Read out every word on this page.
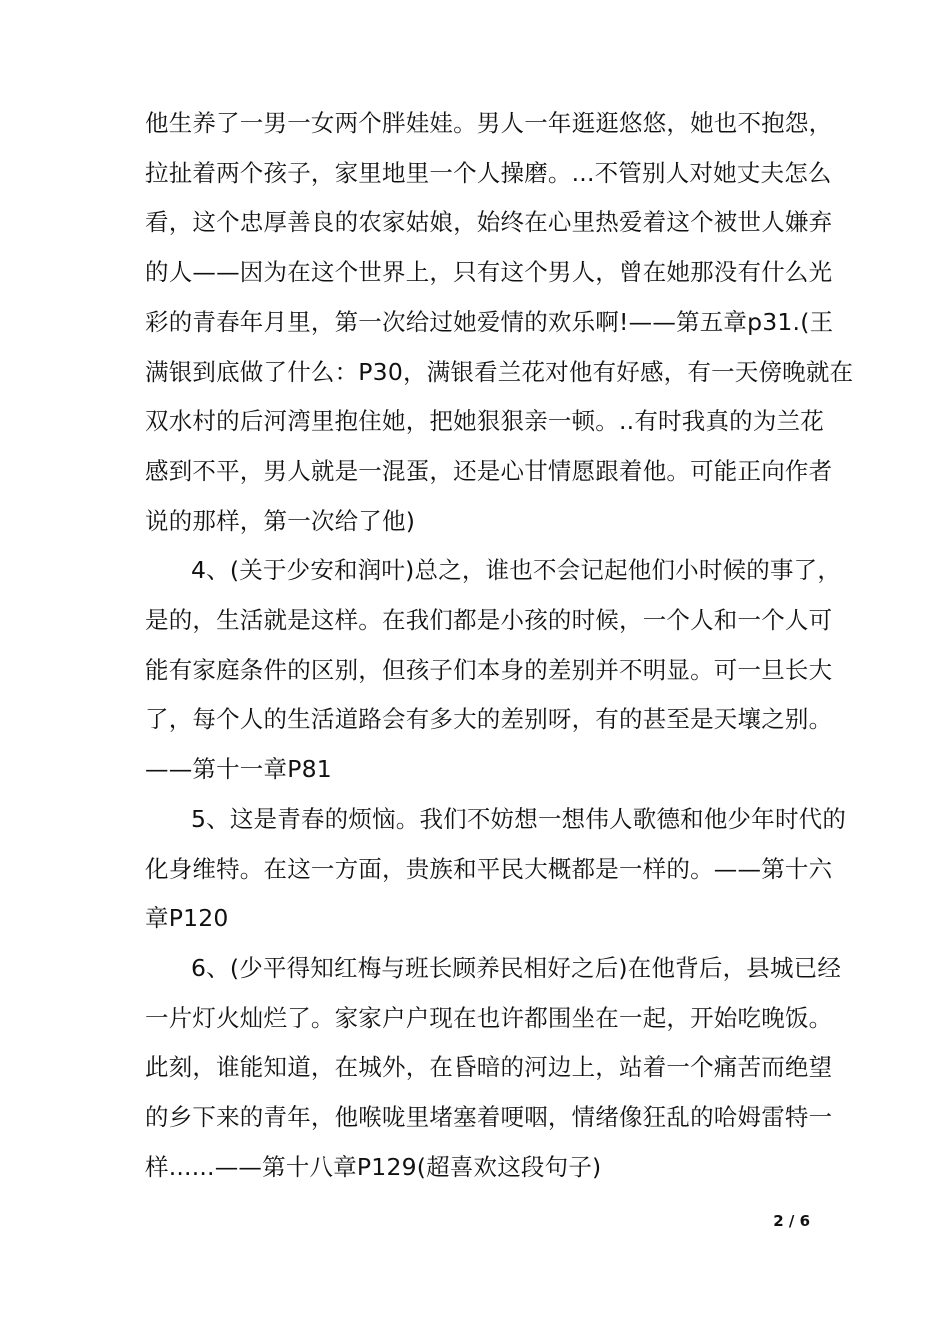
他生养了一男一女两个胖娃娃。男人一年逛逛悠悠，她也不抱怨，
拉扯着两个孩子，家里地里一个人操磨。...不管别人对她丈夫怎么
看，这个忠厚善良的农家姑娘，始终在心里热爱着这个被世人嫌弃
的人——因为在这个世界上，只有这个男人，曾在她那没有什么光
彩的青春年月里，第一次给过她爱情的欢乐啊!——第五章p31.(王
满银到底做了什么：P30，满银看兰花对他有好感，有一天傍晚就在
双水村的后河湾里抱住她，把她狠狠亲一顿。..有时我真的为兰花
感到不平，男人就是一混蛋，还是心甘情愿跟着他。可能正向作者
说的那样，第一次给了他)

4、(关于少安和润叶)总之，谁也不会记起他们小时候的事了，
是的，生活就是这样。在我们都是小孩的时候，一个人和一个人可
能有家庭条件的区别，但孩子们本身的差别并不明显。可一旦长大
了，每个人的生活道路会有多大的差别呀，有的甚至是天壤之别。
——第十一章P81

5、这是青春的烦恼。我们不妨想一想伟人歌德和他少年时代的
化身维特。在这一方面，贵族和平民大概都是一样的。——第十六
章P120

6、(少平得知红梅与班长顾养民相好之后)在他背后，县城已经
一片灯火灿烂了。家家户户现在也许都围坐在一起，开始吃晚饭。
此刻，谁能知道，在城外，在昏暗的河边上，站着一个痛苦而绝望
的乡下来的青年，他喉咙里堵塞着哽咽，情绪像狂乱的哈姆雷特一
样......——第十八章P129(超喜欢这段句子)

2 / 6
